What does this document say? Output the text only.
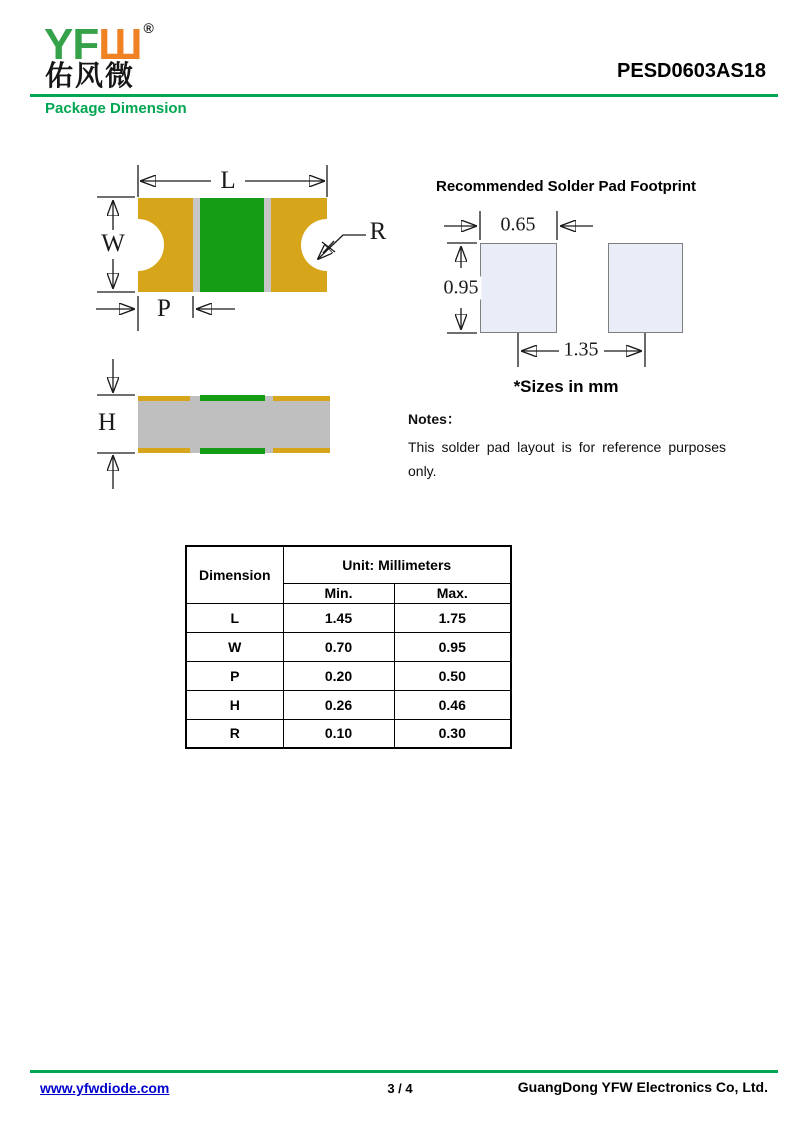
YFШ ®
佑风微	PESD0603AS18
Package Dimension
Recommended Solder Pad Footprint
*Sizes in mm
L
W
P
R
H
0.65
0.95
1.35
Notes：
This solder pad layout is for reference purposes only.
Dimension	Unit: Millimeters	
	Min.	Max.
L	1.45	1.75
W	0.70	0.95
P	0.20	0.50
H	0.26	0.46
R	0.10	0.30
www.yfwdiode.com	3 / 4	GuangDong YFW Electronics Co, Ltd.
